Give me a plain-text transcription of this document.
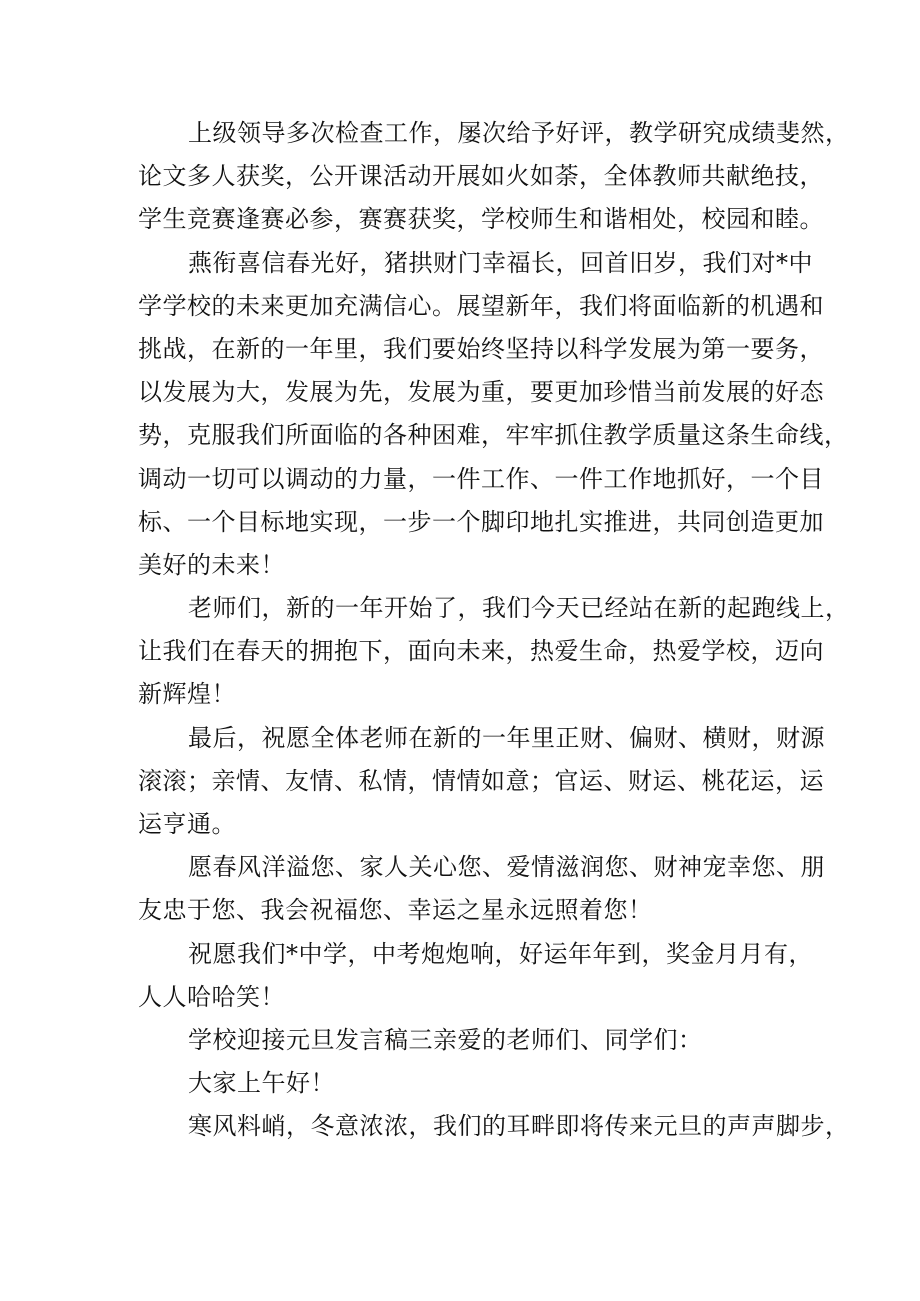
上级领导多次检查工作，屡次给予好评，教学研究成绩斐然，
论文多人获奖，公开课活动开展如火如荼，全体教师共献绝技，
学生竞赛逢赛必参，赛赛获奖，学校师生和谐相处，校园和睦。
燕衔喜信春光好，猪拱财门幸福长，回首旧岁，我们对*中
学学校的未来更加充满信心。展望新年，我们将面临新的机遇和
挑战，在新的一年里，我们要始终坚持以科学发展为第一要务，
以发展为大，发展为先，发展为重，要更加珍惜当前发展的好态
势，克服我们所面临的各种困难，牢牢抓住教学质量这条生命线，
调动一切可以调动的力量，一件工作、一件工作地抓好，一个目
标、一个目标地实现，一步一个脚印地扎实推进，共同创造更加
美好的未来！
老师们，新的一年开始了，我们今天已经站在新的起跑线上，
让我们在春天的拥抱下，面向未来，热爱生命，热爱学校，迈向
新辉煌！
最后，祝愿全体老师在新的一年里正财、偏财、横财，财源
滚滚；亲情、友情、私情，情情如意；官运、财运、桃花运，运
运亨通。
愿春风洋溢您、家人关心您、爱情滋润您、财神宠幸您、朋
友忠于您、我会祝福您、幸运之星永远照着您！
祝愿我们*中学，中考炮炮响，好运年年到，奖金月月有，
人人哈哈笑！
学校迎接元旦发言稿三亲爱的老师们、同学们：
大家上午好！
寒风料峭，冬意浓浓，我们的耳畔即将传来元旦的声声脚步，
